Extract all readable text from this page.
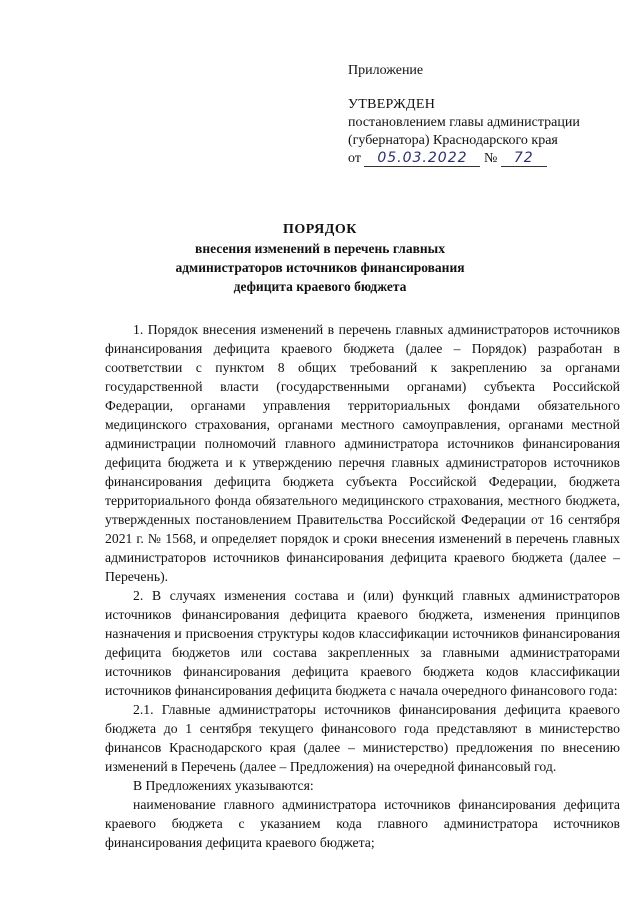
Приложение
УТВЕРЖДЕН
постановлением главы администрации
(губернатора) Краснодарского края
от 05.03.2022 № 72
ПОРЯДОК
внесения изменений в перечень главных
администраторов источников финансирования
дефицита краевого бюджета

1. Порядок внесения изменений в перечень главных администраторов источников финансирования дефицита краевого бюджета (далее – Порядок) разработан в соответствии с пунктом 8 общих требований к закреплению за органами государственной власти (государственными органами) субъекта Российской Федерации, органами управления территориальных фондами обязательного медицинского страхования, органами местного самоуправления, органами местной администрации полномочий главного администратора источников финансирования дефицита бюджета и к утверждению перечня главных администраторов источников финансирования дефицита бюджета субъекта Российской Федерации, бюджета территориального фонда обязательного медицинского страхования, местного бюджета, утвержденных постановлением Правительства Российской Федерации от 16 сентября 2021 г. № 1568, и определяет порядок и сроки внесения изменений в перечень главных администраторов источников финансирования дефицита краевого бюджета (далее – Перечень).

2. В случаях изменения состава и (или) функций главных администраторов источников финансирования дефицита краевого бюджета, изменения принципов назначения и присвоения структуры кодов классификации источников финансирования дефицита бюджетов или состава закрепленных за главными администраторами источников финансирования дефицита краевого бюджета кодов классификации источников финансирования дефицита бюджета с начала очередного финансового года:

2.1. Главные администраторы источников финансирования дефицита краевого бюджета до 1 сентября текущего финансового года представляют в министерство финансов Краснодарского края (далее – министерство) предложения по внесению изменений в Перечень (далее – Предложения) на очередной финансовый год.

В Предложениях указываются:

наименование главного администратора источников финансирования дефицита краевого бюджета с указанием кода главного администратора источников финансирования дефицита краевого бюджета;
